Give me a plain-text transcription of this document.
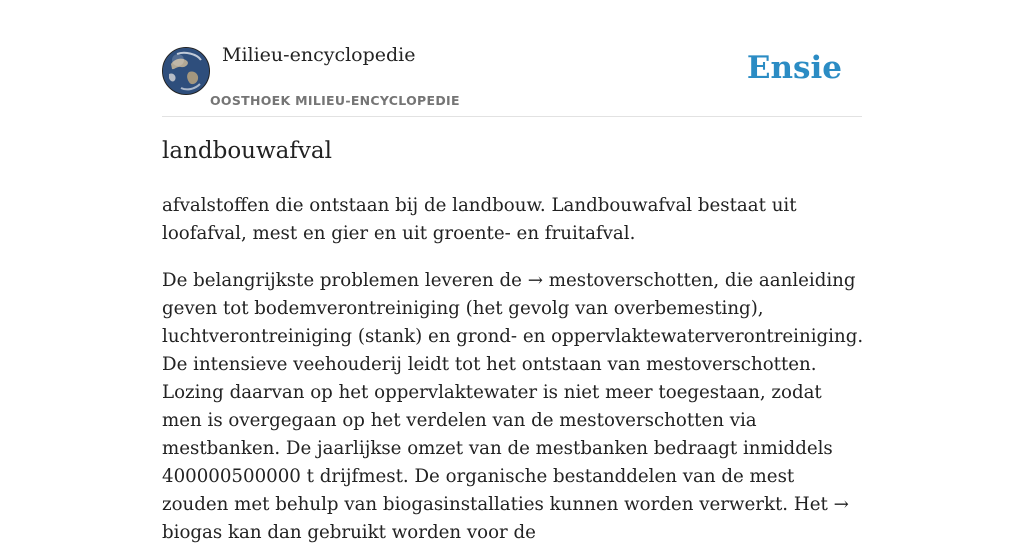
Milieu-encyclopedie
OOSTHOEK MILIEU-ENCYCLOPEDIE
Ensie
landbouwafval

afvalstoffen die ontstaan bij de landbouw. Landbouwafval bestaat uit loofafval, mest en gier en uit groente- en fruitafval.

De belangrijkste problemen leveren de → mestoverschotten, die aanleiding geven tot bodemverontreiniging (het gevolg van overbemesting), luchtverontreiniging (stank) en grond- en oppervlaktewaterverontreiniging. De intensieve veehouderij leidt tot het ontstaan van mestoverschotten. Lozing daarvan op het oppervlaktewater is niet meer toegestaan, zodat men is overgegaan op het verdelen van de mestoverschotten via mestbanken. De jaarlijkse omzet van de mestbanken bedraagt inmiddels 400000500000 t drijfmest. De organische bestanddelen van de mest zouden met behulp van biogasinstallaties kunnen worden verwerkt. Het → biogas kan dan gebruikt worden voor de
